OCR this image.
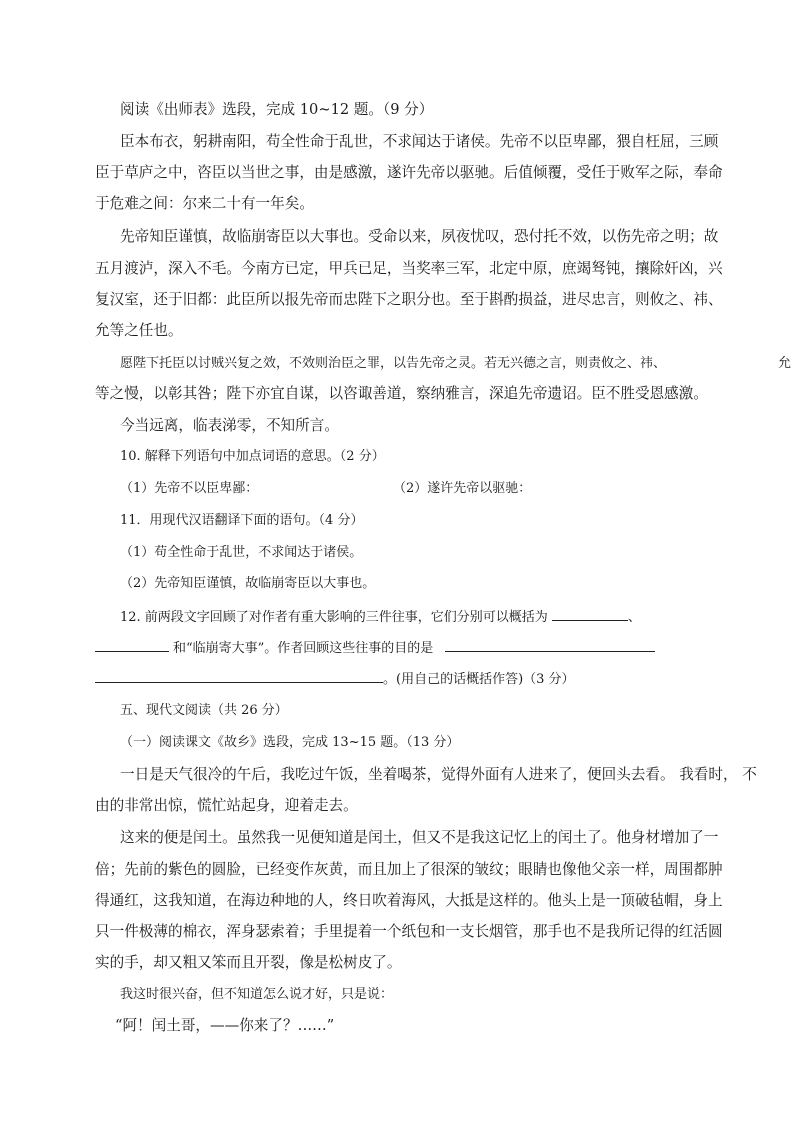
阅读《出师表》选段，完成 10~12 题。（9 分）
臣本布衣，躬耕南阳，苟全性命于乱世，不求闻达于诸侯。先帝不以臣卑鄙，猥自枉屈，三顾
臣于草庐之中，咨臣以当世之事，由是感激，遂许先帝以驱驰。后值倾覆，受任于败军之际，奉命
于危难之间：尔来二十有一年矣。
先帝知臣谨慎，故临崩寄臣以大事也。受命以来，夙夜忧叹，恐付托不效，以伤先帝之明；故
五月渡泸，深入不毛。今南方已定，甲兵已足，当奖率三军，北定中原，庶竭驽钝，攘除奸凶，兴
复汉室，还于旧都：此臣所以报先帝而忠陛下之职分也。至于斟酌损益，进尽忠言，则攸之、祎、
允等之任也。
愿陛下托臣以讨贼兴复之效，不效则治臣之罪，以告先帝之灵。若无兴德之言，则责攸之、祎、	允
等之慢，以彰其咎；陛下亦宜自谋，以咨诹善道，察纳雅言，深追先帝遗诏。臣不胜受恩感激。
今当远离，临表涕零，不知所言。
10. 解释下列语句中加点词语的意思。（2 分）
（1）先帝不以臣卑鄙：	（2）遂许先帝以驱驰：
11．用现代汉语翻译下面的语句。（4 分）
（1）苟全性命于乱世，不求闻达于诸侯。
（2）先帝知臣谨慎，故临崩寄臣以大事也。
12. 前两段文字回顾了对作者有重大影响的三件往事，它们分别可以概括为	、
和“临崩寄大事”。作者回顾这些往事的目的是
。(用自己的话概括作答)（3 分）
五、现代文阅读（共 26 分）
（一）阅读课文《故乡》选段，完成 13~15 题。（13 分）
一日是天气很冷的午后，我吃过午饭，坐着喝茶，觉得外面有人进来了，便回头去看。 我看时， 不
由的非常出惊，慌忙站起身，迎着走去。
这来的便是闰土。虽然我一见便知道是闰土，但又不是我这记忆上的闰土了。他身材增加了一
倍；先前的紫色的圆脸，已经变作灰黄，而且加上了很深的皱纹；眼睛也像他父亲一样，周围都肿
得通红，这我知道，在海边种地的人，终日吹着海风，大抵是这样的。他头上是一顶破毡帽，身上
只一件极薄的棉衣，浑身瑟索着；手里提着一个纸包和一支长烟管，那手也不是我所记得的红活圆
实的手，却又粗又笨而且开裂，像是松树皮了。
我这时很兴奋，但不知道怎么说才好，只是说：
“阿！闰土哥，——你来了？……”
